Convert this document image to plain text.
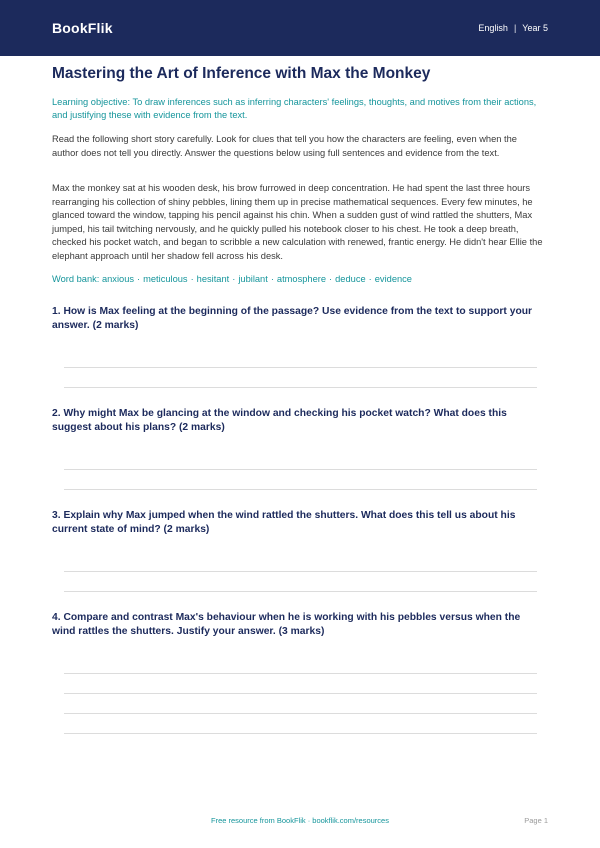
BookFlik	English | Year 5
Mastering the Art of Inference with Max the Monkey
Learning objective: To draw inferences such as inferring characters' feelings, thoughts, and motives from their actions, and justifying these with evidence from the text.
Read the following short story carefully. Look for clues that tell you how the characters are feeling, even when the author does not tell you directly. Answer the questions below using full sentences and evidence from the text.
Max the monkey sat at his wooden desk, his brow furrowed in deep concentration. He had spent the last three hours rearranging his collection of shiny pebbles, lining them up in precise mathematical sequences. Every few minutes, he glanced toward the window, tapping his pencil against his chin. When a sudden gust of wind rattled the shutters, Max jumped, his tail twitching nervously, and he quickly pulled his notebook closer to his chest. He took a deep breath, checked his pocket watch, and began to scribble a new calculation with renewed, frantic energy. He didn't hear Ellie the elephant approach until her shadow fell across his desk.
Word bank: anxious · meticulous · hesitant · jubilant · atmosphere · deduce · evidence
1. How is Max feeling at the beginning of the passage? Use evidence from the text to support your answer. (2 marks)
2. Why might Max be glancing at the window and checking his pocket watch? What does this suggest about his plans? (2 marks)
3. Explain why Max jumped when the wind rattled the shutters. What does this tell us about his current state of mind? (2 marks)
4. Compare and contrast Max's behaviour when he is working with his pebbles versus when the wind rattles the shutters. Justify your answer. (3 marks)
Free resource from BookFlik · bookflik.com/resources	Page 1
